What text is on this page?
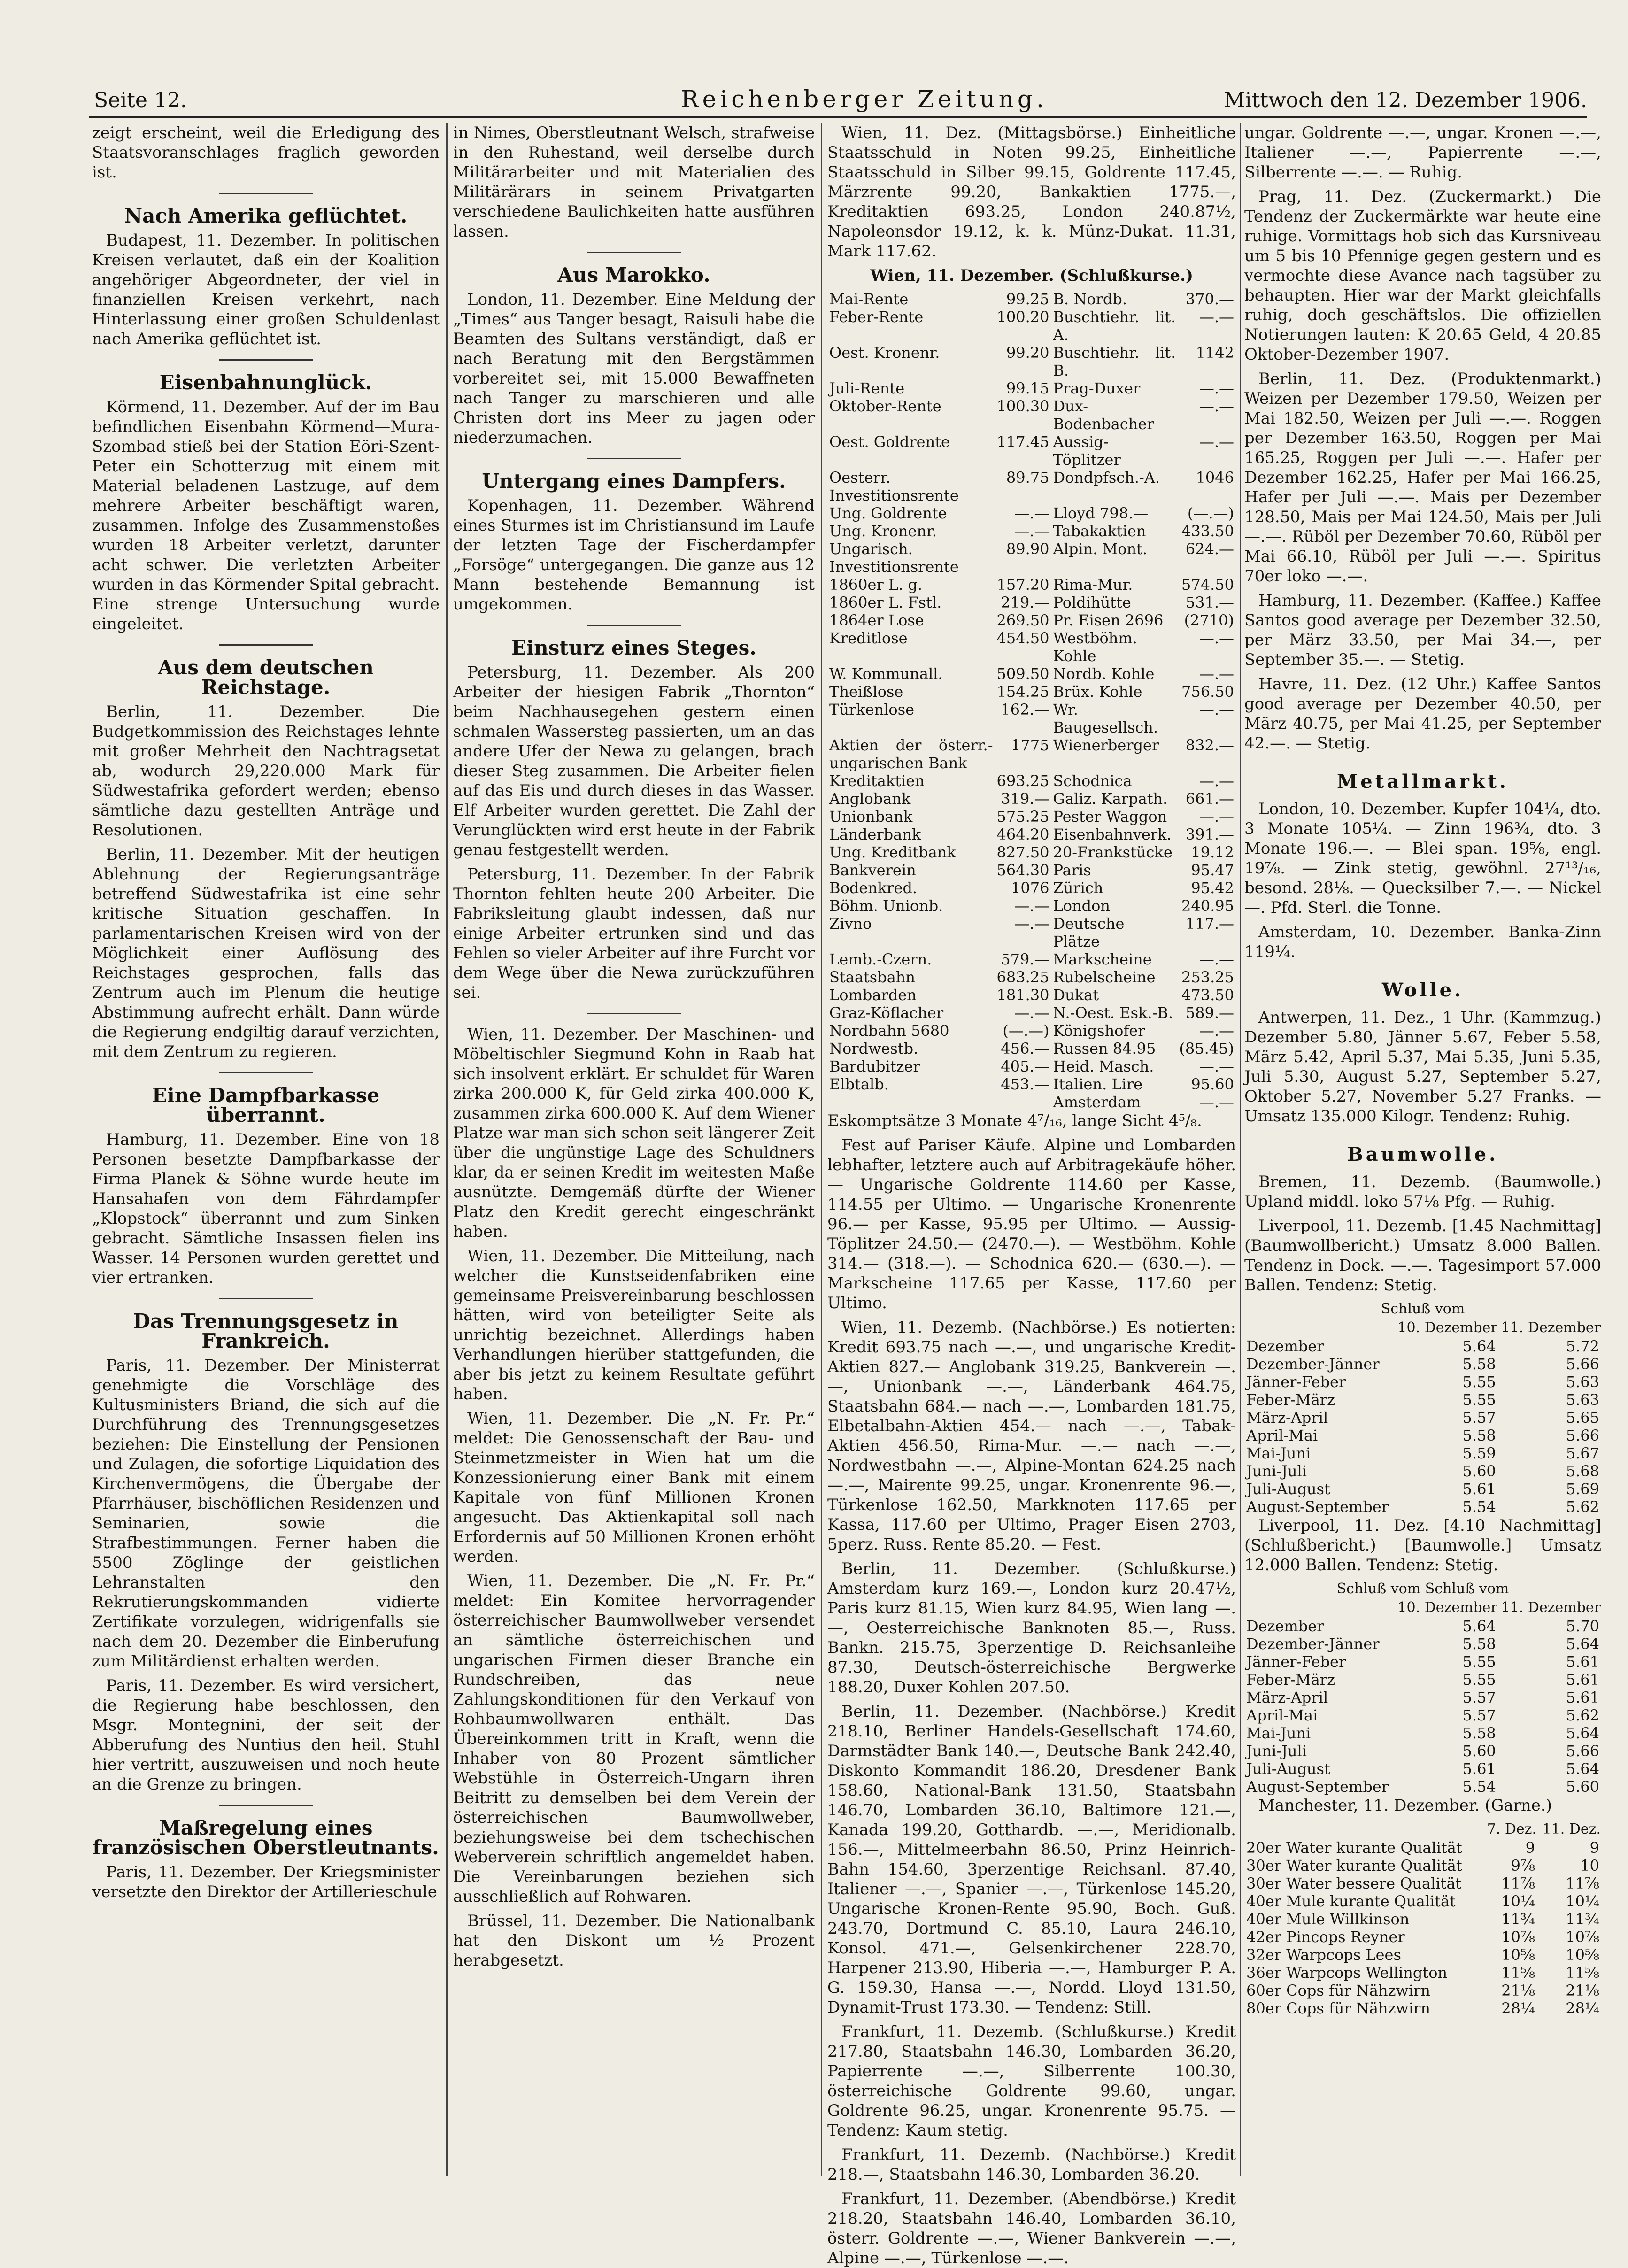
Seite 12.	Reichenberger Zeitung.	Mittwoch den 12. Dezember 1906.

zeigt erscheint, weil die Erledigung des Staatsvoranschlages fraglich geworden ist.

Nach Amerika geflüchtet.

Budapest, 11. Dezember. In politischen Kreisen verlautet, daß ein der Koalition angehöriger Abgeordneter, der viel in finanziellen Kreisen verkehrt, nach Hinterlassung einer großen Schuldenlast nach Amerika geflüchtet ist.

Eisenbahnunglück.

Körmend, 11. Dezember. Auf der im Bau befindlichen Eisenbahn Körmend—Mura-Szombad stieß bei der Station Eöri-Szent-Peter ein Schotterzug mit einem mit Material beladenen Lastzuge, auf dem mehrere Arbeiter beschäftigt waren, zusammen. Infolge des Zusammenstoßes wurden 18 Arbeiter verletzt, darunter acht schwer. Die verletzten Arbeiter wurden in das Körmender Spital gebracht. Eine strenge Untersuchung wurde eingeleitet.

Aus dem deutschen Reichstage.

Berlin, 11. Dezember. Die Budgetkommission des Reichstages lehnte mit großer Mehrheit den Nachtragsetat ab, wodurch 29,220.000 Mark für Südwestafrika gefordert werden; ebenso sämtliche dazu gestellten Anträge und Resolutionen.

Berlin, 11. Dezember. Mit der heutigen Ablehnung der Regierungsanträge betreffend Südwestafrika ist eine sehr kritische Situation geschaffen. In parlamentarischen Kreisen wird von der Möglichkeit einer Auflösung des Reichstages gesprochen, falls das Zentrum auch im Plenum die heutige Abstimmung aufrecht erhält. Dann würde die Regierung endgiltig darauf verzichten, mit dem Zentrum zu regieren.

Eine Dampfbarkasse überrannt.

Hamburg, 11. Dezember. Eine von 18 Personen besetzte Dampfbarkasse der Firma Planek & Söhne wurde heute im Hansahafen von dem Fährdampfer „Klopstock“ überrannt und zum Sinken gebracht. Sämtliche Insassen fielen ins Wasser. 14 Personen wurden gerettet und vier ertranken.

Das Trennungsgesetz in Frankreich.

Paris, 11. Dezember. Der Ministerrat genehmigte die Vorschläge des Kultusministers Briand, die sich auf die Durchführung des Trennungsgesetzes beziehen: Die Einstellung der Pensionen und Zulagen, die sofortige Liquidation des Kirchenvermögens, die Übergabe der Pfarrhäuser, bischöflichen Residenzen und Seminarien, sowie die Strafbestimmungen. Ferner haben die 5500 Zöglinge der geistlichen Lehranstalten den Rekrutierungskommanden vidierte Zertifikate vorzulegen, widrigenfalls sie nach dem 20. Dezember die Einberufung zum Militärdienst erhalten werden.

Paris, 11. Dezember. Es wird versichert, die Regierung habe beschlossen, den Msgr. Montegnini, der seit der Abberufung des Nuntius den heil. Stuhl hier vertritt, auszuweisen und noch heute an die Grenze zu bringen.

Maßregelung eines französischen Oberstleutnants.

Paris, 11. Dezember. Der Kriegsminister versetzte den Direktor der Artillerieschule

in Nimes, Oberstleutnant Welsch, strafweise in den Ruhestand, weil derselbe durch Militärarbeiter und mit Materialien des Militärärars in seinem Privatgarten verschiedene Baulichkeiten hatte ausführen lassen.

Aus Marokko.

London, 11. Dezember. Eine Meldung der „Times“ aus Tanger besagt, Raisuli habe die Beamten des Sultans verständigt, daß er nach Beratung mit den Bergstämmen vorbereitet sei, mit 15.000 Bewaffneten nach Tanger zu marschieren und alle Christen dort ins Meer zu jagen oder niederzumachen.

Untergang eines Dampfers.

Kopenhagen, 11. Dezember. Während eines Sturmes ist im Christiansund im Laufe der letzten Tage der Fischerdampfer „Forsöge“ untergegangen. Die ganze aus 12 Mann bestehende Bemannung ist umgekommen.

Einsturz eines Steges.

Petersburg, 11. Dezember. Als 200 Arbeiter der hiesigen Fabrik „Thornton“ beim Nachhausegehen gestern einen schmalen Wassersteg passierten, um an das andere Ufer der Newa zu gelangen, brach dieser Steg zusammen. Die Arbeiter fielen auf das Eis und durch dieses in das Wasser. Elf Arbeiter wurden gerettet. Die Zahl der Verunglückten wird erst heute in der Fabrik genau festgestellt werden.

Petersburg, 11. Dezember. In der Fabrik Thornton fehlten heute 200 Arbeiter. Die Fabriksleitung glaubt indessen, daß nur einige Arbeiter ertrunken sind und das Fehlen so vieler Arbeiter auf ihre Furcht vor dem Wege über die Newa zurückzuführen sei.

Wien, 11. Dezember. Der Maschinen- und Möbeltischler Siegmund Kohn in Raab hat sich insolvent erklärt. Er schuldet für Waren zirka 200.000 K, für Geld zirka 400.000 K, zusammen zirka 600.000 K. Auf dem Wiener Platze war man sich schon seit längerer Zeit über die ungünstige Lage des Schuldners klar, da er seinen Kredit im weitesten Maße ausnützte. Demgemäß dürfte der Wiener Platz den Kredit gerecht eingeschränkt haben.

Wien, 11. Dezember. Die Mitteilung, nach welcher die Kunstseidenfabriken eine gemeinsame Preisvereinbarung beschlossen hätten, wird von beteiligter Seite als unrichtig bezeichnet. Allerdings haben Verhandlungen hierüber stattgefunden, die aber bis jetzt zu keinem Resultate geführt haben.

Wien, 11. Dezember. Die „N. Fr. Pr.“ meldet: Die Genossenschaft der Bau- und Steinmetzmeister in Wien hat um die Konzessionierung einer Bank mit einem Kapitale von fünf Millionen Kronen angesucht. Das Aktienkapital soll nach Erfordernis auf 50 Millionen Kronen erhöht werden.

Wien, 11. Dezember. Die „N. Fr. Pr.“ meldet: Ein Komitee hervorragender österreichischer Baumwollweber versendet an sämtliche österreichischen und ungarischen Firmen dieser Branche ein Rundschreiben, das neue Zahlungskonditionen für den Verkauf von Rohbaumwollwaren enthält. Das Übereinkommen tritt in Kraft, wenn die Inhaber von 80 Prozent sämtlicher Webstühle in Österreich-Ungarn ihren Beitritt zu demselben bei dem Verein der österreichischen Baumwollweber, beziehungsweise bei dem tschechischen Weberverein schriftlich angemeldet haben. Die Vereinbarungen beziehen sich ausschließlich auf Rohwaren.

Brüssel, 11. Dezember. Die Nationalbank hat den Diskont um ½ Prozent herabgesetzt.

Wien, 11. Dez. (Mittagsbörse.) Einheitliche Staatsschuld in Noten 99.25, Einheitliche Staatsschuld in Silber 99.15, Goldrente 117.45, Märzrente 99.20, Bankaktien 1775.—, Kreditaktien 693.25, London 240.87½, Napoleonsdor 19.12, k. k. Münz-Dukat. 11.31, Mark 117.62.

Wien, 11. Dezember. (Schlußkurse.)

Mai-Rente	99.25	B. Nordb.	370.—
Feber-Rente	100.20	Buschtiehr. lit. A.	—.—
Oest. Kronenr.	99.20	Buschtiehr. lit. B.	1142
Juli-Rente	99.15	Prag-Duxer	—.—
Oktober-Rente	100.30	Dux-Bodenbacher	—.—
Oest. Goldrente	117.45	Aussig-Töplitzer	—.—
Oesterr. Investitionsrente	89.75	Dondpfsch.-A.	1046
Ung. Goldrente	—.—	Lloyd 798.—	(—.—)
Ung. Kronenr.	—.—	Tabakaktien	433.50
Ungarisch. Investitionsrente	89.90	Alpin. Mont.	624.—
1860er L. g.	157.20	Rima-Mur.	574.50
1860er L. Fstl.	219.—	Poldihütte	531.—
1864er Lose	269.50	Pr. Eisen 2696	(2710)
Kreditlose	454.50	Westböhm. Kohle	—.—
W. Kommunall.	509.50	Nordb. Kohle	—.—
Theißlose	154.25	Brüx. Kohle	756.50
Türkenlose	162.—	Wr. Baugesellsch.	—.—
Aktien der österr.-ungarischen Bank	1775	Wienerberger	832.—
Kreditaktien	693.25	Schodnica	—.—
Anglobank	319.—	Galiz. Karpath.	661.—
Unionbank	575.25	Pester Waggon	—.—
Länderbank	464.20	Eisenbahnverk.	391.—
Ung. Kreditbank	827.50	20-Frankstücke	19.12
Bankverein	564.30	Paris	95.47
Bodenkred.	1076	Zürich	95.42
Böhm. Unionb.	—.—	London	240.95
Zivno	—.—	Deutsche Plätze	117.—
Lemb.-Czern.	579.—	Markscheine	—.—
Staatsbahn	683.25	Rubelscheine	253.25
Lombarden	181.30	Dukat	473.50
Graz-Köflacher	—.—	N.-Oest. Esk.-B.	589.—
Nordbahn 5680	(—.—)	Königshofer	—.—
Nordwestb.	456.—	Russen 84.95	(85.45)
Bardubitzer	405.—	Heid. Masch.	—.—
Elbtalb.	453.—	Italien. Lire	95.60
		Amsterdam	—.—

Eskomptsätze 3 Monate 4⁷/₁₆, lange Sicht 4⁵/₈.

Fest auf Pariser Käufe. Alpine und Lombarden lebhafter, letztere auch auf Arbitragekäufe höher. — Ungarische Goldrente 114.60 per Kasse, 114.55 per Ultimo. — Ungarische Kronenrente 96.— per Kasse, 95.95 per Ultimo. — Aussig-Töplitzer 24.50.— (2470.—). — Westböhm. Kohle 314.— (318.—). — Schodnica 620.— (630.—). — Markscheine 117.65 per Kasse, 117.60 per Ultimo.

Wien, 11. Dezemb. (Nachbörse.) Es notierten: Kredit 693.75 nach —.—, und ungarische Kredit-Aktien 827.— Anglobank 319.25, Bankverein —.—, Unionbank —.—, Länderbank 464.75, Staatsbahn 684.— nach —.—, Lombarden 181.75, Elbetalbahn-Aktien 454.— nach —.—, Tabak-Aktien 456.50, Rima-Mur. —.— nach —.—, Nordwestbahn —.—, Alpine-Montan 624.25 nach —.—, Mairente 99.25, ungar. Kronenrente 96.—, Türkenlose 162.50, Markknoten 117.65 per Kassa, 117.60 per Ultimo, Prager Eisen 2703, 5perz. Russ. Rente 85.20. — Fest.

Berlin, 11. Dezember. (Schlußkurse.) Amsterdam kurz 169.—, London kurz 20.47½, Paris kurz 81.15, Wien kurz 84.95, Wien lang —.—, Oesterreichische Banknoten 85.—, Russ. Bankn. 215.75, 3perzentige D. Reichsanleihe 87.30, Deutsch-österreichische Bergwerke 188.20, Duxer Kohlen 207.50.

Berlin, 11. Dezember. (Nachbörse.) Kredit 218.10, Berliner Handels-Gesellschaft 174.60, Darmstädter Bank 140.—, Deutsche Bank 242.40, Diskonto Kommandit 186.20, Dresdener Bank 158.60, National-Bank 131.50, Staatsbahn 146.70, Lombarden 36.10, Baltimore 121.—, Kanada 199.20, Gotthardb. —.—, Meridionalb. 156.—, Mittelmeerbahn 86.50, Prinz Heinrich-Bahn 154.60, 3perzentige Reichsanl. 87.40, Italiener —.—, Spanier —.—, Türkenlose 145.20, Ungarische Kronen-Rente 95.90, Boch. Guß. 243.70, Dortmund C. 85.10, Laura 246.10, Konsol. 471.—, Gelsenkirchener 228.70, Harpener 213.90, Hiberia —.—, Hamburger P. A. G. 159.30, Hansa —.—, Nordd. Lloyd 131.50, Dynamit-Trust 173.30. — Tendenz: Still.

Frankfurt, 11. Dezemb. (Schlußkurse.) Kredit 217.80, Staatsbahn 146.30, Lombarden 36.20, Papierrente —.—, Silberrente 100.30, österreichische Goldrente 99.60, ungar. Goldrente 96.25, ungar. Kronenrente 95.75. — Tendenz: Kaum stetig.

Frankfurt, 11. Dezemb. (Nachbörse.) Kredit 218.—, Staatsbahn 146.30, Lombarden 36.20.

Frankfurt, 11. Dezember. (Abendbörse.) Kredit 218.20, Staatsbahn 146.40, Lombarden 36.10, österr. Goldrente —.—, Wiener Bankverein —.—, Alpine —.—, Türkenlose —.—.

ungar. Goldrente —.—, ungar. Kronen —.—, Italiener —.—, Papierrente —.—, Silberrente —.—. — Ruhig.

Prag, 11. Dez. (Zuckermarkt.) Die Tendenz der Zuckermärkte war heute eine ruhige. Vormittags hob sich das Kursniveau um 5 bis 10 Pfennige gegen gestern und es vermochte diese Avance nach tagsüber zu behaupten. Hier war der Markt gleichfalls ruhig, doch geschäftslos. Die offiziellen Notierungen lauten: K 20.65 Geld, 4 20.85 Oktober-Dezember 1907.

Berlin, 11. Dez. (Produktenmarkt.) Weizen per Dezember 179.50, Weizen per Mai 182.50, Weizen per Juli —.—. Roggen per Dezember 163.50, Roggen per Mai 165.25, Roggen per Juli —.—. Hafer per Dezember 162.25, Hafer per Mai 166.25, Hafer per Juli —.—. Mais per Dezember 128.50, Mais per Mai 124.50, Mais per Juli —.—. Rüböl per Dezember 70.60, Rüböl per Mai 66.10, Rüböl per Juli —.—. Spiritus 70er loko —.—.

Hamburg, 11. Dezember. (Kaffee.) Kaffee Santos good average per Dezember 32.50, per März 33.50, per Mai 34.—, per September 35.—. — Stetig.

Havre, 11. Dez. (12 Uhr.) Kaffee Santos good average per Dezember 40.50, per März 40.75, per Mai 41.25, per September 42.—. — Stetig.

Metallmarkt.

London, 10. Dezember. Kupfer 104¼, dto. 3 Monate 105¼. — Zinn 196¾, dto. 3 Monate 196.—. — Blei span. 19⅝, engl. 19⅞. — Zink stetig, gewöhnl. 27¹³/₁₆, besond. 28⅛. — Quecksilber 7.—. — Nickel —. Pfd. Sterl. die Tonne.

Amsterdam, 10. Dezember. Banka-Zinn 119¼.

Wolle.

Antwerpen, 11. Dez., 1 Uhr. (Kammzug.) Dezember 5.80, Jänner 5.67, Feber 5.58, März 5.42, April 5.37, Mai 5.35, Juni 5.35, Juli 5.30, August 5.27, September 5.27, Oktober 5.27, November 5.27 Franks. — Umsatz 135.000 Kilogr. Tendenz: Ruhig.

Baumwolle.

Bremen, 11. Dezemb. (Baumwolle.) Upland middl. loko 57⅛ Pfg. — Ruhig.

Liverpool, 11. Dezemb. [1.45 Nachmittag] (Baumwollbericht.) Umsatz 8.000 Ballen. Tendenz in Dock. —.—. Tagesimport 57.000 Ballen. Tendenz: Stetig.

Schluß vom		
	10. Dezember	11. Dezember
Dezember	5.64	5.72
Dezember-Jänner	5.58	5.66
Jänner-Feber	5.55	5.63
Feber-März	5.55	5.63
März-April	5.57	5.65
April-Mai	5.58	5.66
Mai-Juni	5.59	5.67
Juni-Juli	5.60	5.68
Juli-August	5.61	5.69
August-September	5.54	5.62

Liverpool, 11. Dez. [4.10 Nachmittag] (Schlußbericht.) [Baumwolle.] Umsatz 12.000 Ballen. Tendenz: Stetig.

Schluß vom Schluß vom		
	10. Dezember	11. Dezember
Dezember	5.64	5.70
Dezember-Jänner	5.58	5.64
Jänner-Feber	5.55	5.61
Feber-März	5.55	5.61
März-April	5.57	5.61
April-Mai	5.57	5.62
Mai-Juni	5.58	5.64
Juni-Juli	5.60	5.66
Juli-August	5.61	5.64
August-September	5.54	5.60

Manchester, 11. Dezember. (Garne.)

	7. Dez.	11. Dez.
20er Water kurante Qualität	9	9
30er Water kurante Qualität	9⅞	10
30er Water bessere Qualität	11⅞	11⅞
40er Mule kurante Qualität	10¼	10¼
40er Mule Willkinson	11¾	11¾
42er Pincops Reyner	10⅞	10⅞
32er Warpcops Lees	10⅝	10⅝
36er Warpcops Wellington	11⅝	11⅝
60er Cops für Nähzwirn	21⅛	21⅛
80er Cops für Nähzwirn	28¼	28¼
